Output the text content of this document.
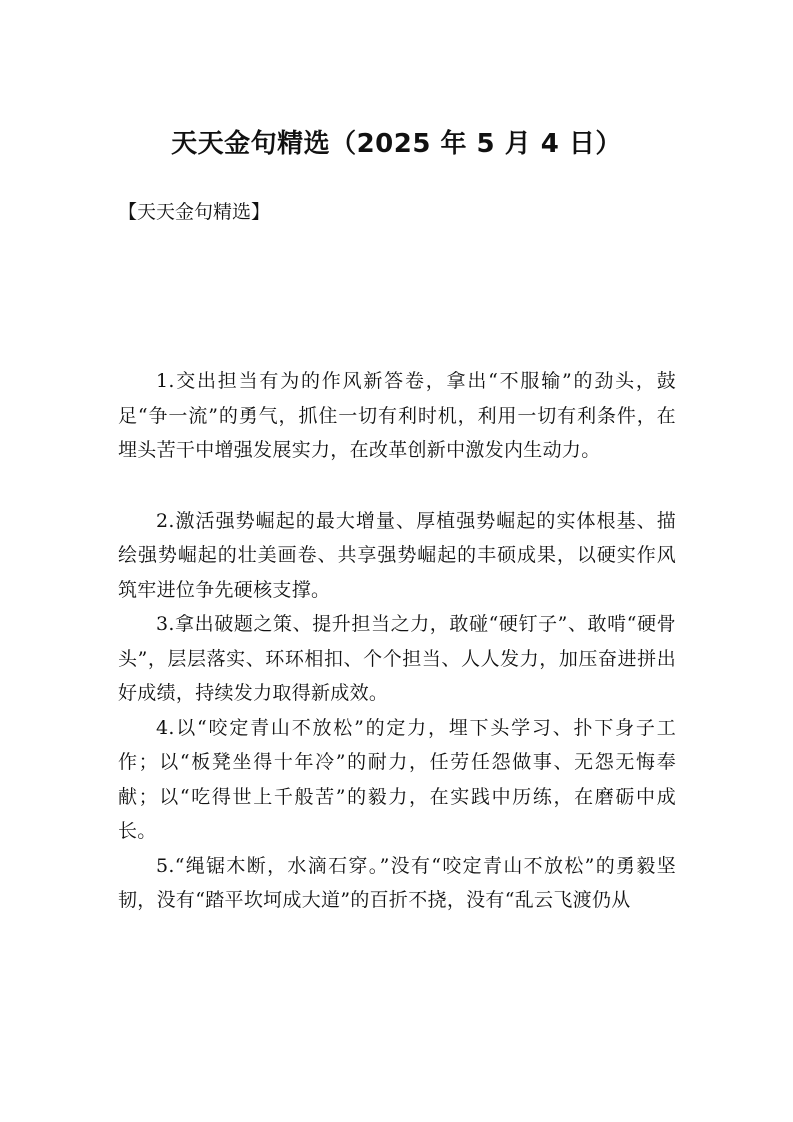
天天金句精选（2025 年 5 月 4 日）
【天天金句精选】

1.交出担当有为的作风新答卷，拿出“不服输”的劲头，鼓足“争一流”的勇气，抓住一切有利时机，利用一切有利条件，在埋头苦干中增强发展实力，在改革创新中激发内生动力。

2.激活强势崛起的最大增量、厚植强势崛起的实体根基、描绘强势崛起的壮美画卷、共享强势崛起的丰硕成果，以硬实作风筑牢进位争先硬核支撑。

3.拿出破题之策、提升担当之力，敢碰“硬钉子”、敢啃“硬骨头”，层层落实、环环相扣、个个担当、人人发力，加压奋进拼出好成绩，持续发力取得新成效。

4.以“咬定青山不放松”的定力，埋下头学习、扑下身子工作；以“板凳坐得十年冷”的耐力，任劳任怨做事、无怨无悔奉献；以“吃得世上千般苦”的毅力，在实践中历练，在磨砺中成长。

5.“绳锯木断，水滴石穿。”没有“咬定青山不放松”的勇毅坚韧，没有“踏平坎坷成大道”的百折不挠，没有“乱云飞渡仍从
